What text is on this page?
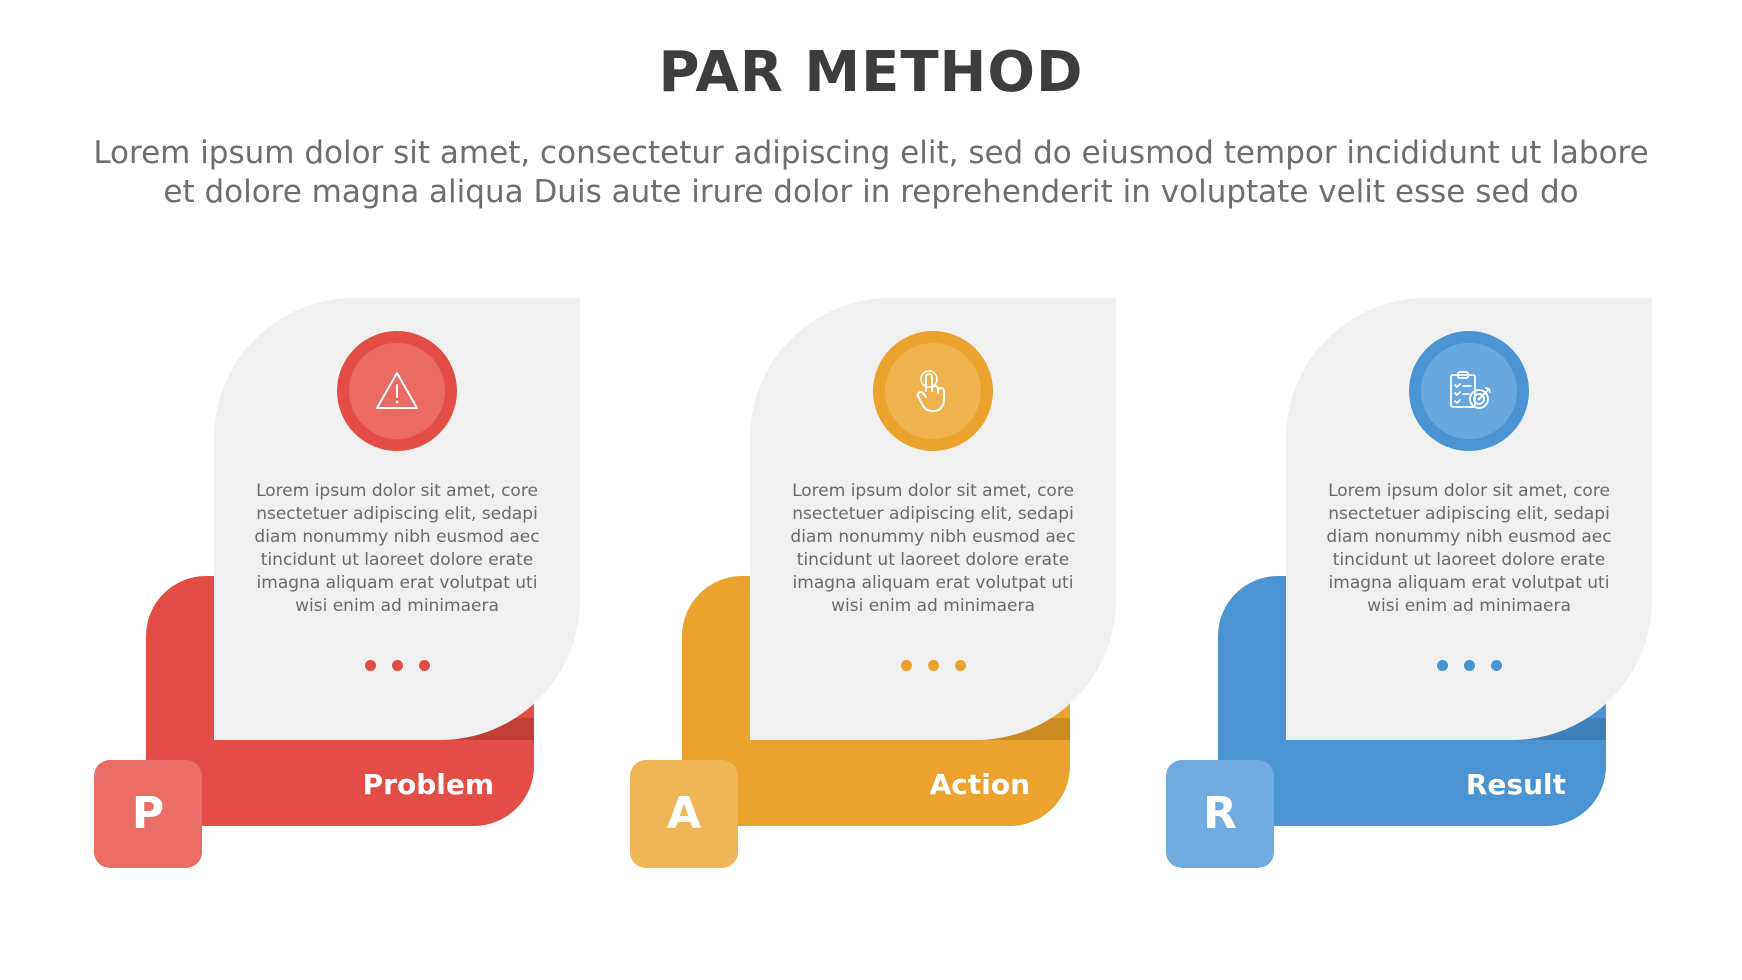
PAR METHOD
Lorem ipsum dolor sit amet, consectetur adipiscing elit, sed do eiusmod tempor incididunt ut labore
et dolore magna aliqua Duis aute irure dolor in reprehenderit in voluptate velit esse sed do
Lorem ipsum dolor sit amet, core
nsectetuer adipiscing elit, sedapi
diam nonummy nibh eusmod aec
tincidunt ut laoreet dolore erate
imagna aliquam erat volutpat uti
wisi enim ad minimaera
Problem
P
Lorem ipsum dolor sit amet, core
nsectetuer adipiscing elit, sedapi
diam nonummy nibh eusmod aec
tincidunt ut laoreet dolore erate
imagna aliquam erat volutpat uti
wisi enim ad minimaera
Action
A
Lorem ipsum dolor sit amet, core
nsectetuer adipiscing elit, sedapi
diam nonummy nibh eusmod aec
tincidunt ut laoreet dolore erate
imagna aliquam erat volutpat uti
wisi enim ad minimaera
Result
R
